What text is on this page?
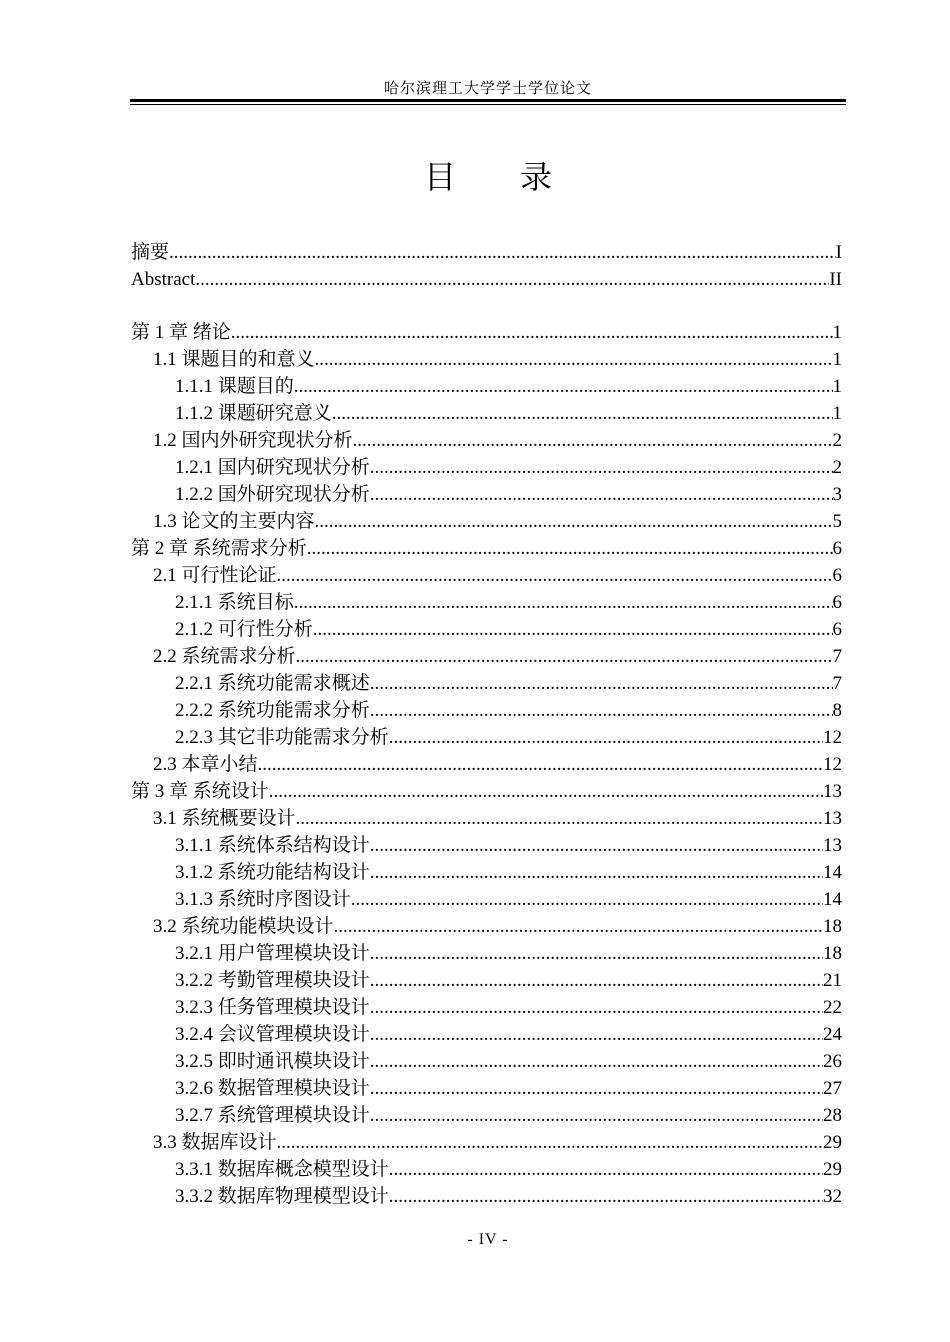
哈尔滨理工大学学士学位论文
目 录
摘要 .....	I
Abstract .....	II
第 1 章 绪论 .....	1
1.1 课题目的和意义 .....	1
1.1.1 课题目的 .....	1
1.1.2 课题研究意义 .....	1
1.2 国内外研究现状分析 .....	2
1.2.1 国内研究现状分析 .....	2
1.2.2 国外研究现状分析 .....	3
1.3 论文的主要内容 .....	5
第 2 章 系统需求分析 .....	6
2.1 可行性论证 .....	6
2.1.1 系统目标 .....	6
2.1.2 可行性分析 .....	6
2.2 系统需求分析 .....	7
2.2.1 系统功能需求概述 .....	7
2.2.2 系统功能需求分析 .....	8
2.2.3 其它非功能需求分析 .....	12
2.3 本章小结 .....	12
第 3 章 系统设计 .....	13
3.1 系统概要设计 .....	13
3.1.1 系统体系结构设计 .....	13
3.1.2 系统功能结构设计 .....	14
3.1.3 系统时序图设计 .....	14
3.2 系统功能模块设计 .....	18
3.2.1 用户管理模块设计 .....	18
3.2.2 考勤管理模块设计 .....	21
3.2.3 任务管理模块设计 .....	22
3.2.4 会议管理模块设计 .....	24
3.2.5 即时通讯模块设计 .....	26
3.2.6 数据管理模块设计 .....	27
3.2.7 系统管理模块设计 .....	28
3.3 数据库设计 .....	29
3.3.1 数据库概念模型设计 .....	29
3.3.2 数据库物理模型设计 .....	32
- IV -
